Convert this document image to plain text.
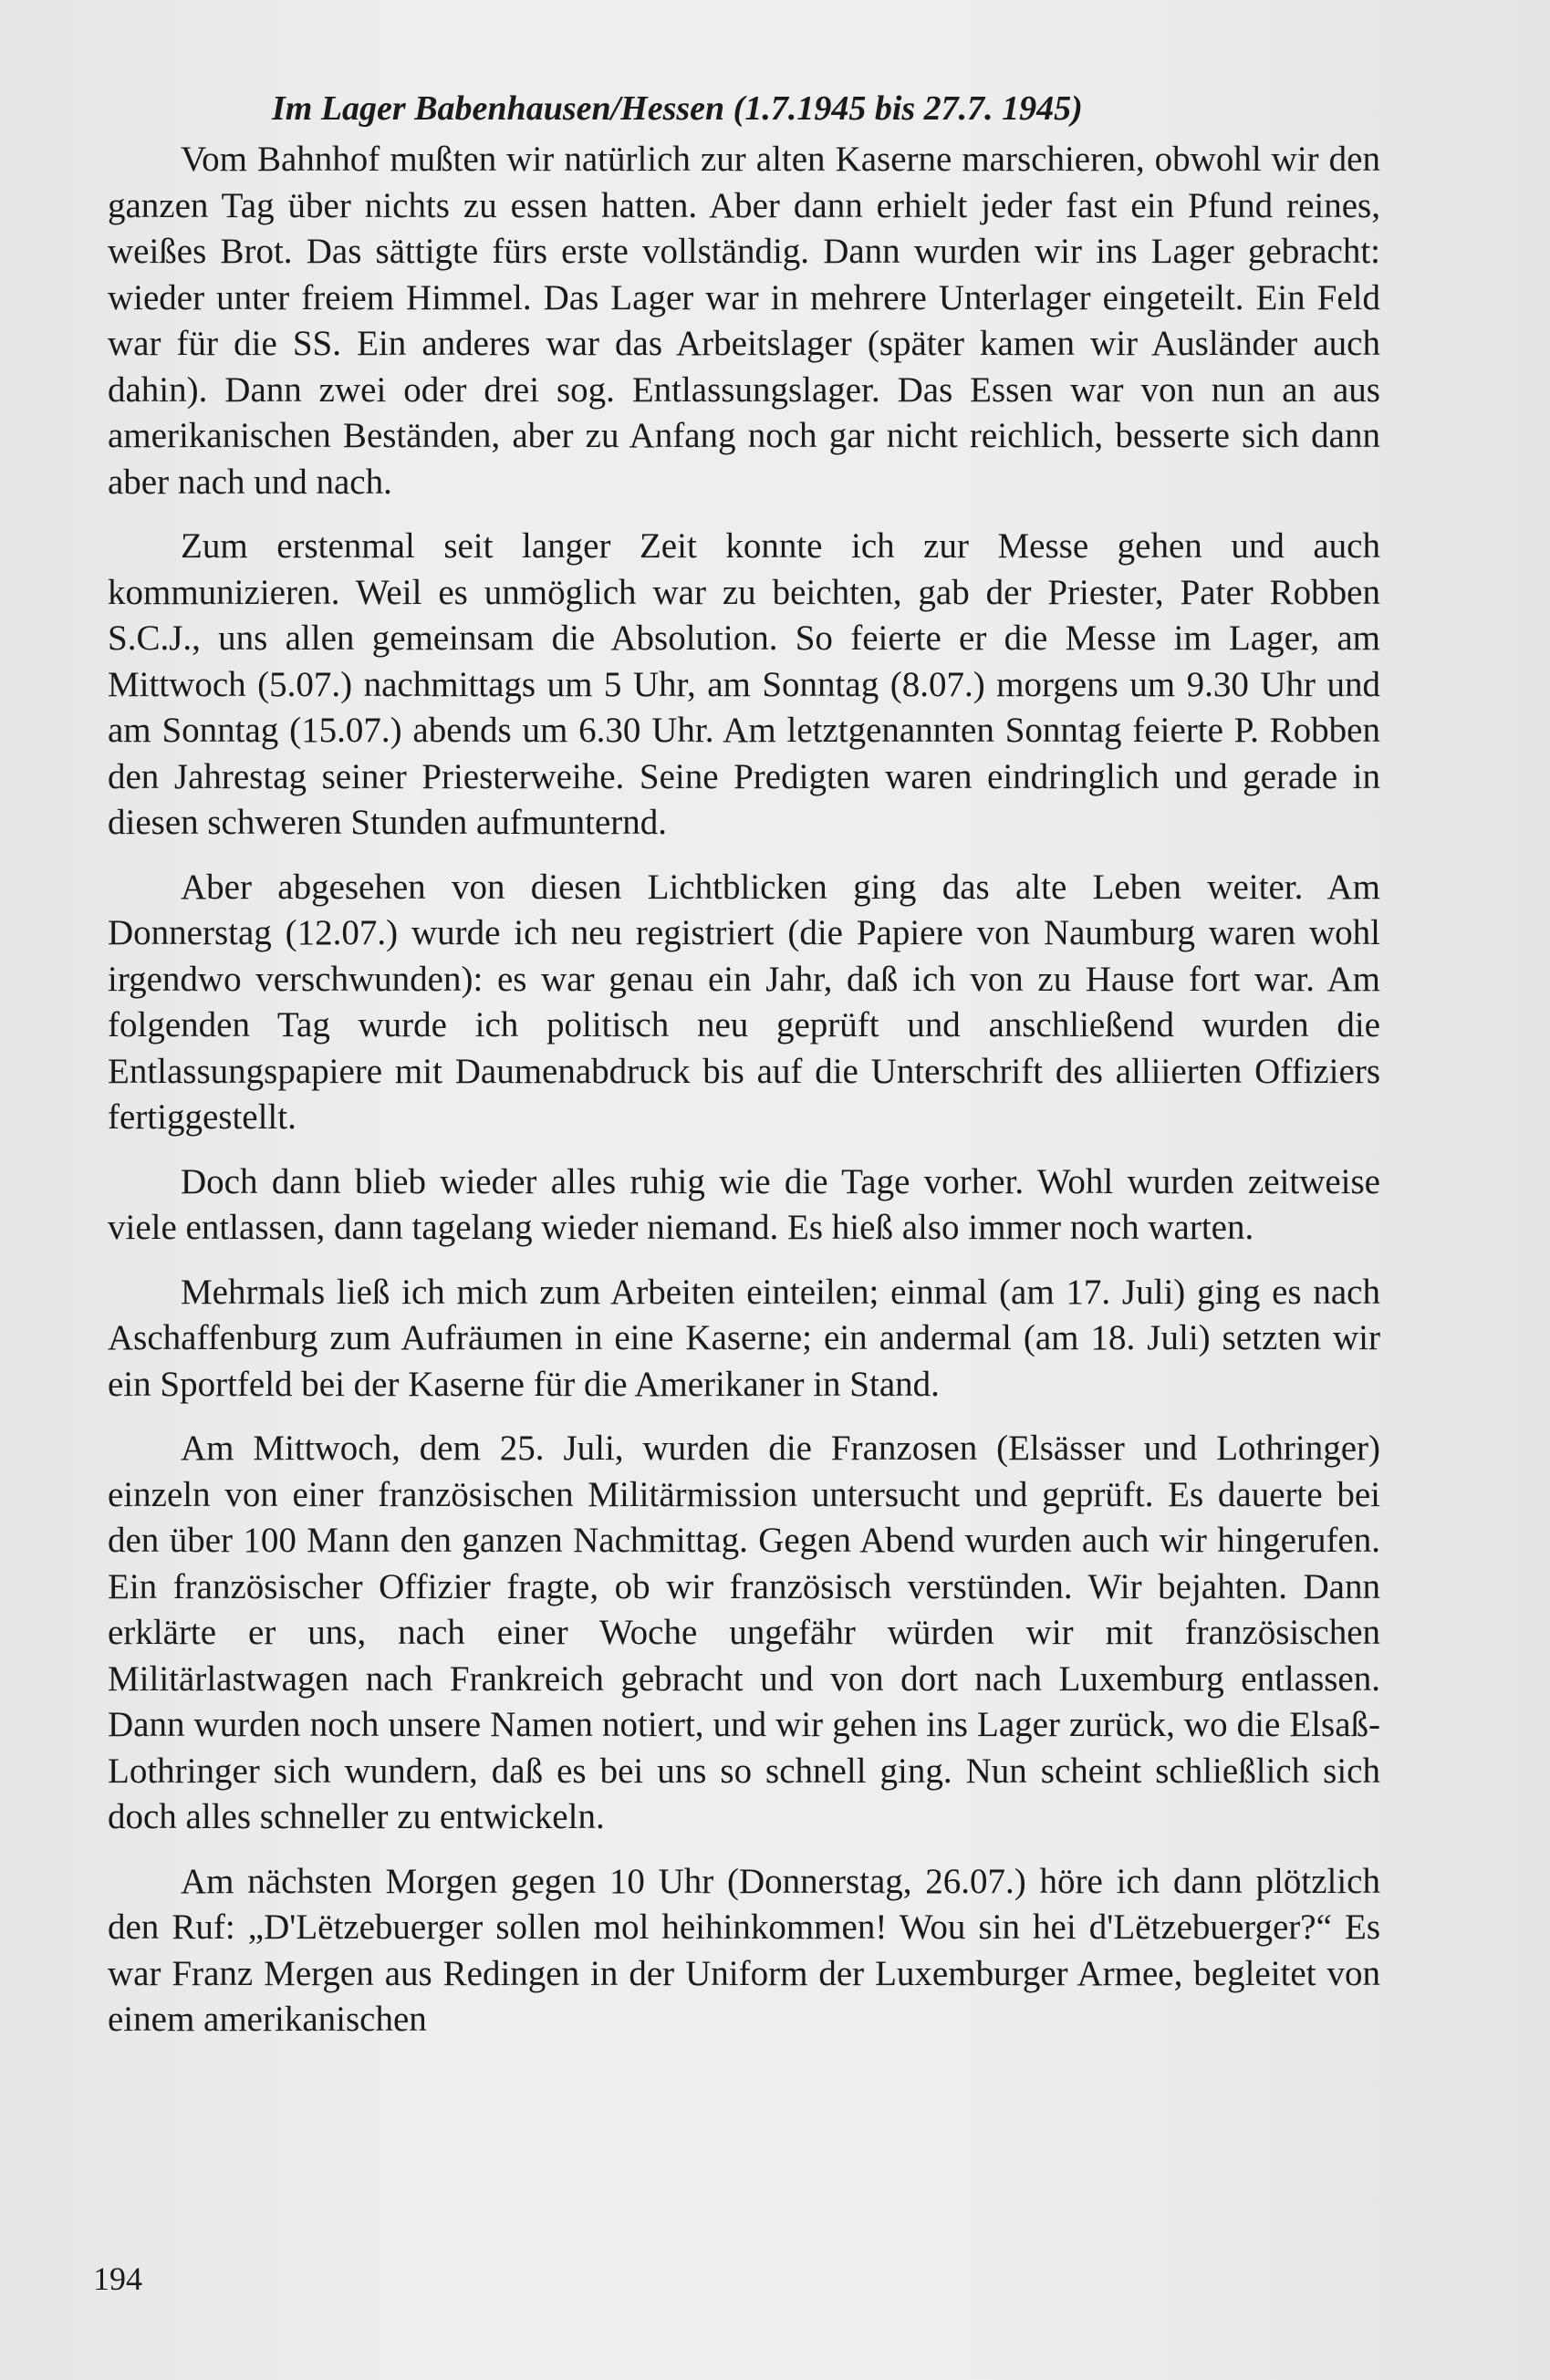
Im Lager Babenhausen/Hessen (1.7.1945 bis 27.7. 1945)

Vom Bahnhof mußten wir natürlich zur alten Kaserne marschieren, obwohl wir den ganzen Tag über nichts zu essen hatten. Aber dann erhielt jeder fast ein Pfund reines, weißes Brot. Das sättigte fürs erste vollständig. Dann wurden wir ins Lager gebracht: wieder unter freiem Himmel. Das Lager war in mehrere Unterlager eingeteilt. Ein Feld war für die SS. Ein anderes war das Arbeitslager (später kamen wir Ausländer auch dahin). Dann zwei oder drei sog. Entlassungslager. Das Essen war von nun an aus amerikanischen Beständen, aber zu Anfang noch gar nicht reichlich, besserte sich dann aber nach und nach.

Zum erstenmal seit langer Zeit konnte ich zur Messe gehen und auch kommunizieren. Weil es unmöglich war zu beichten, gab der Priester, Pater Robben S.C.J., uns allen gemeinsam die Absolution. So feierte er die Messe im Lager, am Mittwoch (5.07.) nachmittags um 5 Uhr, am Sonntag (8.07.) morgens um 9.30 Uhr und am Sonntag (15.07.) abends um 6.30 Uhr. Am letztgenannten Sonntag feierte P. Robben den Jahrestag seiner Priesterweihe. Seine Predigten waren eindringlich und gerade in diesen schweren Stunden aufmunternd.

Aber abgesehen von diesen Lichtblicken ging das alte Leben weiter. Am Donnerstag (12.07.) wurde ich neu registriert (die Papiere von Naumburg waren wohl irgendwo verschwunden): es war genau ein Jahr, daß ich von zu Hause fort war. Am folgenden Tag wurde ich politisch neu geprüft und anschließend wurden die Entlassungspapiere mit Daumenabdruck bis auf die Unterschrift des alliierten Offiziers fertiggestellt.

Doch dann blieb wieder alles ruhig wie die Tage vorher. Wohl wurden zeitweise viele entlassen, dann tagelang wieder niemand. Es hieß also immer noch warten.

Mehrmals ließ ich mich zum Arbeiten einteilen; einmal (am 17. Juli) ging es nach Aschaffenburg zum Aufräumen in eine Kaserne; ein andermal (am 18. Juli) setzten wir ein Sportfeld bei der Kaserne für die Amerikaner in Stand.

Am Mittwoch, dem 25. Juli, wurden die Franzosen (Elsässer und Lothringer) einzeln von einer französischen Militärmission untersucht und geprüft. Es dauerte bei den über 100 Mann den ganzen Nachmittag. Gegen Abend wurden auch wir hingerufen. Ein französischer Offizier fragte, ob wir französisch verstünden. Wir bejahten. Dann erklärte er uns, nach einer Woche ungefähr würden wir mit französischen Militärlastwagen nach Frankreich gebracht und von dort nach Luxemburg entlassen. Dann wurden noch unsere Namen notiert, und wir gehen ins Lager zurück, wo die Elsaß-Lothringer sich wundern, daß es bei uns so schnell ging. Nun scheint schließlich sich doch alles schneller zu entwickeln.

Am nächsten Morgen gegen 10 Uhr (Donnerstag, 26.07.) höre ich dann plötzlich den Ruf: „D'Lëtzebuerger sollen mol heihinkommen! Wou sin hei d'Lëtzebuerger?“ Es war Franz Mergen aus Redingen in der Uniform der Luxemburger Armee, begleitet von einem amerikanischen

194
